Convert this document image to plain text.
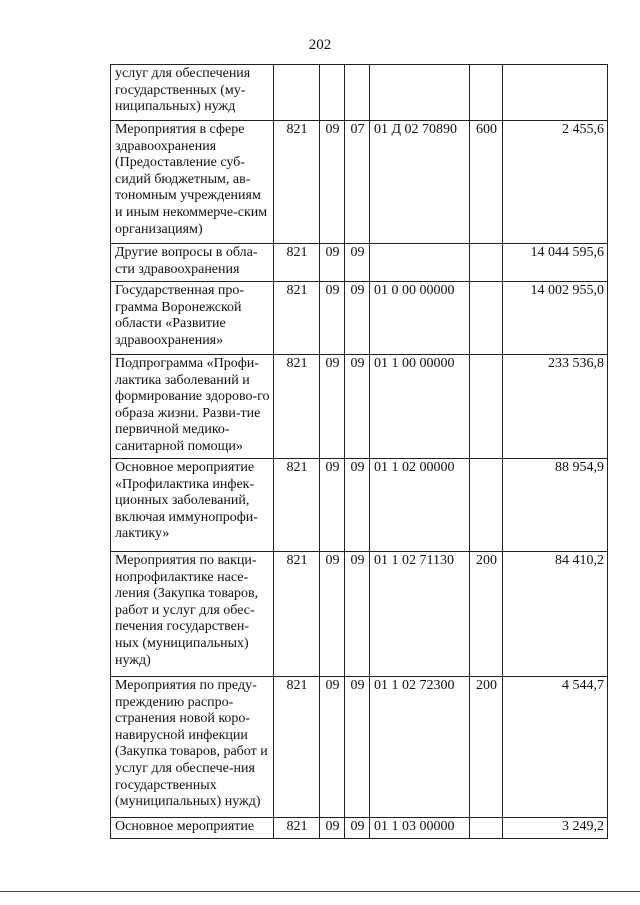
202
услуг для обеспечения государственных (му-ниципальных) нужд						
Мероприятия в сфере здравоохранения (Предоставление суб-сидий бюджетным, ав-тономным учреждениям и иным некоммерче-ским организациям)	821	09	07	01 Д 02 70890	600	2 455,6
Другие вопросы в обла-сти здравоохранения	821	09	09			14 044 595,6
Государственная про-грамма Воронежской области «Развитие здравоохранения»	821	09	09	01 0 00 00000		14 002 955,0
Подпрограмма «Профи-лактика заболеваний и формирование здорово-го образа жизни. Разви-тие первичной медико-санитарной помощи»	821	09	09	01 1 00 00000		233 536,8
Основное мероприятие «Профилактика инфек-ционных заболеваний, включая иммунопрофи-лактику»	821	09	09	01 1 02 00000		88 954,9
Мероприятия по вакци-нопрофилактике насе-ления (Закупка товаров, работ и услуг для обес-печения государствен-ных (муниципальных) нужд)	821	09	09	01 1 02 71130	200	84 410,2
Мероприятия по преду-преждению распро-странения новой коро-навирусной инфекции (Закупка товаров, работ и услуг для обеспече-ния государственных (муниципальных) нужд)	821	09	09	01 1 02 72300	200	4 544,7
Основное мероприятие	821	09	09	01 1 03 00000		3 249,2
